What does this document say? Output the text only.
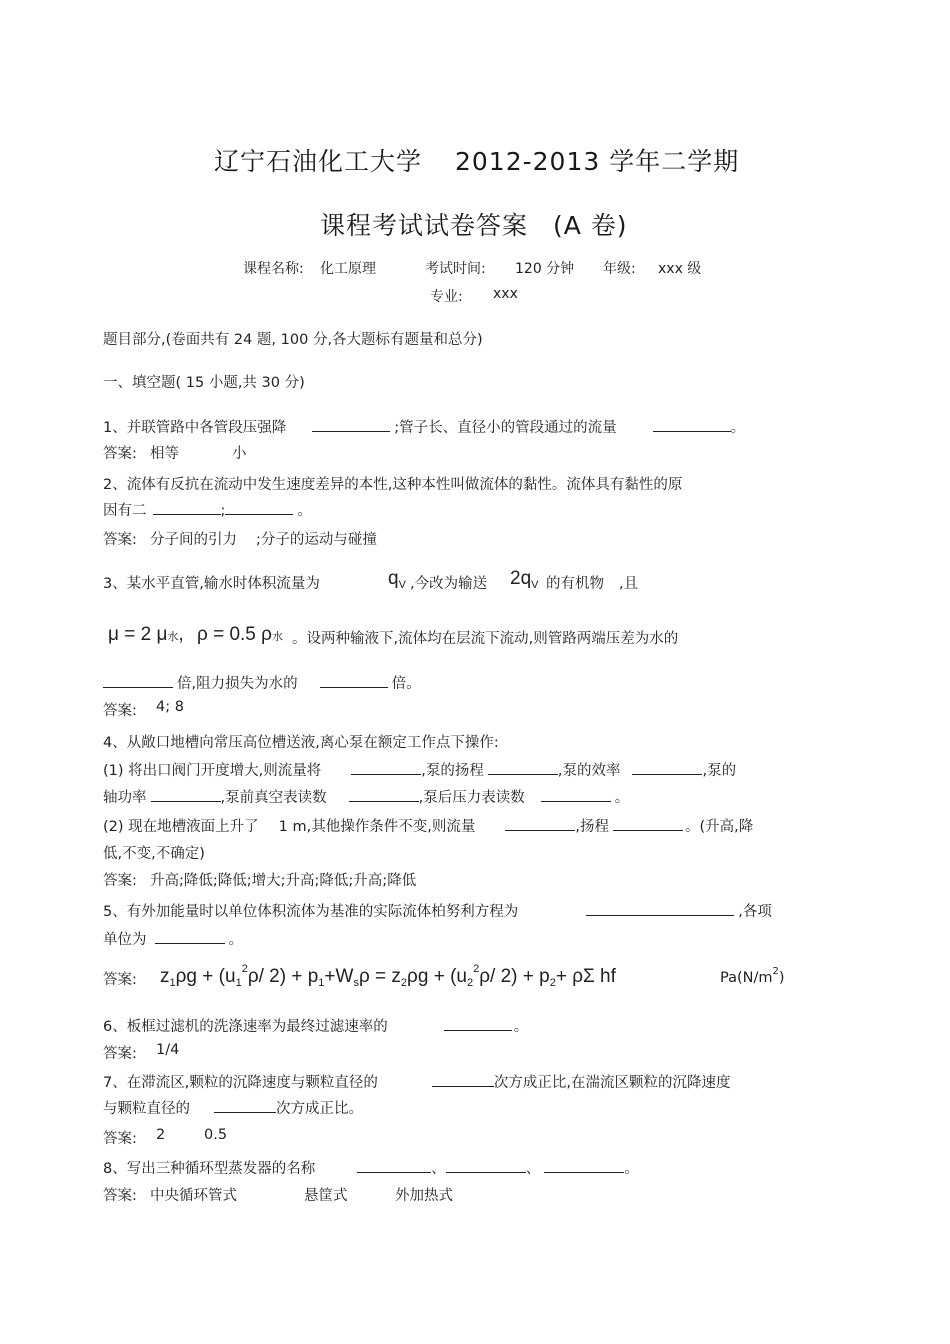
辽宁石油化工大学 2012-2013 学年二学期
课程考试试卷答案 (A 卷)
课程名称: 化工原理	考试时间: 120 分钟 年级: xxx 级
专业: xxx
题目部分,(卷面共有 24 题, 100 分,各大题标有题量和总分)
一、填空题( 15 小题,共 30 分)
1、并联管路中各管段压强降	;管子长、直径小的管段通过的流量	。
答案: 相等	小
2、流体有反抗在流动中发生速度差异的本性,这种本性叫做流体的黏性。流体具有黏性的原
因有二	;	。
答案: 分子间的引力 ;分子的运动与碰撞
3、某水平直管,输水时体积流量为	$q_V$ ,今改为输送 $2q_V$ 的有机物 ,且
μ = 2 μ水, ρ = 0.5 ρ水 。设两种输液下,流体均在层流下流动,则管路两端压差为水的
倍,阻力损失为水的	倍。
答案: 4; 8
4、从敞口地槽向常压高位槽送液,离心泵在额定工作点下操作:
(1) 将出口阀门开度增大,则流量将	,泵的扬程	,泵的效率	,泵的
轴功率	,泵前真空表读数	,泵后压力表读数	。
(2) 现在地槽液面上升了 1 m,其他操作条件不变,则流量	,扬程	。(升高,降
低,不变,不确定)
答案: 升高;降低;降低;增大;升高;降低;升高;降低
5、有外加能量时以单位体积流体为基准的实际流体柏努利方程为	,各项
单位为	。
答案: $z_1\rho g + (u_1^2\rho/$ $2) + p_1+W_s\rho = z_2\rho g + (u_2^2\rho/$ $2) + p_2+ \rho\Sigma$ hf	$Pa(N/m^2)$
6、板框过滤机的洗涤速率为最终过滤速率的	。
答案: 1/4
7、在滞流区,颗粒的沉降速度与颗粒直径的	次方成正比,在湍流区颗粒的沉降速度
与颗粒直径的	次方成正比。
答案: 2	0.5
8、写出三种循环型蒸发器的名称	、	、	。
答案: 中央循环管式	悬筐式	外加热式
